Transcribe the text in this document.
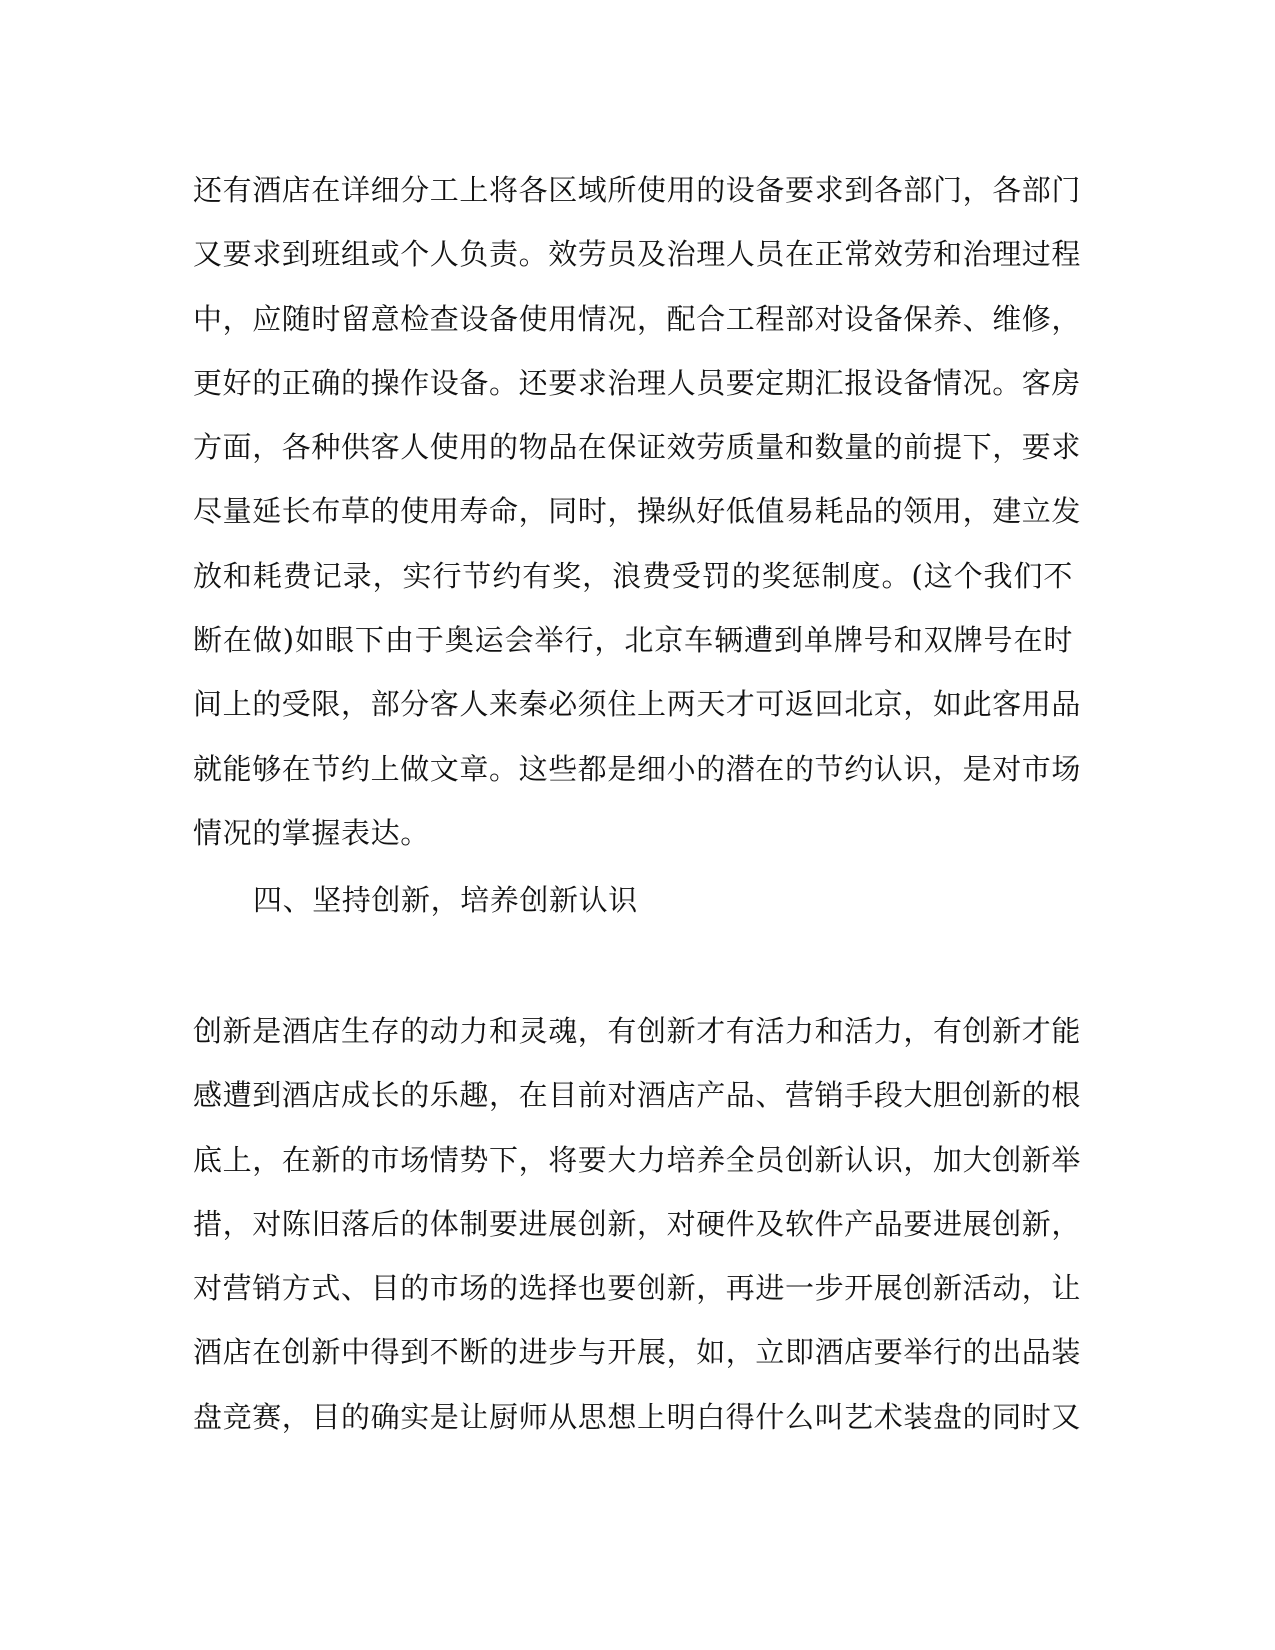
还有酒店在详细分工上将各区域所使用的设备要求到各部门，各部门
又要求到班组或个人负责。效劳员及治理人员在正常效劳和治理过程
中，应随时留意检查设备使用情况，配合工程部对设备保养、维修，
更好的正确的操作设备。还要求治理人员要定期汇报设备情况。客房
方面，各种供客人使用的物品在保证效劳质量和数量的前提下，要求
尽量延长布草的使用寿命，同时，操纵好低值易耗品的领用，建立发
放和耗费记录，实行节约有奖，浪费受罚的奖惩制度。(这个我们不
断在做)如眼下由于奥运会举行，北京车辆遭到单牌号和双牌号在时
间上的受限，部分客人来秦必须住上两天才可返回北京，如此客用品
就能够在节约上做文章。这些都是细小的潜在的节约认识，是对市场
情况的掌握表达。

四、坚持创新，培养创新认识

创新是酒店生存的动力和灵魂，有创新才有活力和活力，有创新才能
感遭到酒店成长的乐趣，在目前对酒店产品、营销手段大胆创新的根
底上，在新的市场情势下，将要大力培养全员创新认识，加大创新举
措，对陈旧落后的体制要进展创新，对硬件及软件产品要进展创新，
对营销方式、目的市场的选择也要创新，再进一步开展创新活动，让
酒店在创新中得到不断的进步与开展，如，立即酒店要举行的出品装
盘竞赛，目的确实是让厨师从思想上明白得什么叫艺术装盘的同时又
